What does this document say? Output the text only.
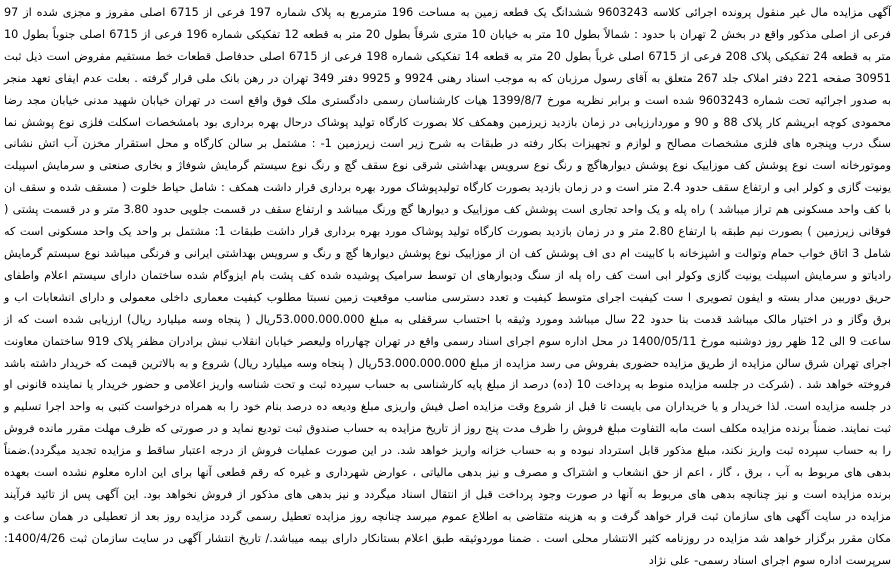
آگهی مزایده مال غیر منقول پرونده اجرائی کلاسه 9603243 ششدانگ یک قطعه زمین به مساحت 196 مترمربع به پلاک شماره 197 فرعی از 6715 اصلی مفروز و مجزی شده از 97 فرعی از اصلی مذکور واقع در بخش 2 تهران با حدود : شمالاً بطول 10 متر به خیابان 10 متری شرقاً بطول 20 متر به قطعه 12 تفکیکی شماره 196 فرعی از 6715 اصلی جنوباً بطول 10 متر به قطعه 24 تفکیکی پلاک 208 فرعی از 6715 اصلی غرباً بطول 20 متر به قطعه 14 تفکیکی شماره 198 فرعی از 6715 اصلی حدفاصل قطعات خط مستقیم مفروض است ذیل ثبت 30951 صفحه 221 دفتر املاک جلد 267 متعلق به آقای رسول مرزبان که به موجب اسناد رهنی 9924 و 9925 دفتر 349 تهران در رهن بانک ملی قرار گرفته . بعلت عدم ایفای تعهد منجر به صدور اجرائیه تحت شماره 9603243 شده است و برابر نظریه مورخ 1399/8/7 هیات کارشناسان رسمی دادگستری ملک فوق واقع است در تهران خیابان شهید مدنی خیابان مجد رضا محمودی کوچه ابریشم کار پلاک 88 و 90 و موردارزیابی در زمان بازدید زیرزمین وهمکف کلا بصورت کارگاه تولید پوشاک درحال بهره برداری بود بامشخصات اسکلت فلزی نوع پوشش نما سنگ درب وپنجره های فلزی مشخصات مصالح و لوازم و تجهیزات بکار رفته در طبقات به شرح زیر است زیرزمین 1- : مشتمل بر سالن کارگاه و محل استقرار مخزن آب اتش نشانی وموتورخانه است نوع پوشش کف موزاییک نوع پوشش دیوارهاگچ و رنگ نوع سرویس بهداشتی شرقی نوع سقف گچ و رنگ نوع سیستم گرمایش شوفاژ و بخاری صنعتی و سرمایش اسپیلت یونیت گازی و کولر ابی و ارتفاع سقف حدود 2.4 متر است و در زمان بازدید بصورت کارگاه تولیدپوشاک مورد بهره برداری قرار داشت همکف : شامل حیاط خلوت ( مسقف شده و سقف ان با کف واحد مسکونی هم تراز میباشد ) راه پله و یک واحد تجاری است پوشش کف موزاییک و دیوارها گچ ورنگ میباشد و ارتفاع سقف در قسمت جلویی حدود 3.80 متر و در قسمت پشتی ( فوقانی زیرزمین ) بصورت نیم طبقه با ارتفاع 2.80 متر و در زمان بازدید بصورت کارگاه تولید پوشاک مورد بهره برداری قرار داشت طبقات 1: مشتمل بر واحد یک واحد مسکونی است که شامل 3 اتاق خواب حمام وتوالت و اشپزخانه با کابینت ام دی اف پوشش کف ان از موزاییک نوع پوشش دیوارها گچ و رنگ و سرویس بهداشتی ایرانی و فرنگی میباشد نوع سیستم گرمایش رادیاتو و سرمایش اسپیلت یونیت گازی وکولر ابی است کف راه پله از سنگ ودیوارهای ان توسط سرامیک پوشیده شده کف پشت بام ایزوگام شده ساختمان دارای سیستم اعلام واطفای حریق دوربین مدار بسته و ایفون تصویری ا ست کیفیت اجرای متوسط کیفیت و تعدد دسترسی مناسب موقعیت زمین نسبتا مطلوب کیفیت معماری داخلی معمولی و دارای انشعابات اب و برق وگاز و در اختیار مالک میباشد قدمت بنا حدود 22 سال میباشد ومورد وثیقه با احتساب سرقفلی به مبلغ 53.000.000.000ریال ( پنجاه وسه میلیارد ریال) ارزیابی شده است که از ساعت 9 الی 12 ظهر روز دوشنبه مورخ 1400/05/11 در محل اداره سوم اجرای اسناد رسمی واقع در تهران چهارراه ولیعصر خیابان انقلاب نبش برادران مظفر پلاک 919 ساختمان معاونت اجرای تهران شرق سالن مزایده از طریق مزایده حضوری بفروش می رسد مزایده از مبلغ 53.000.000.000ریال ( پنجاه وسه میلیارد ریال) شروع و به بالاترین قیمت که خریدار داشته باشد فروخته خواهد شد . (شرکت در جلسه مزایده منوط به پرداخت 10 (ده) درصد از مبلغ پایه کارشناسی به حساب سپرده ثبت و تحت شناسه واریز اعلامی و حضور خریدار یا نماینده قانونی او در جلسه مزایده است. لذا خریدار و یا خریداران می بایست تا قبل از شروع وقت مزایده اصل فیش واریزی مبلغ ودیعه ده درصد بنام خود را به همراه درخواست کتبی به واحد اجرا تسلیم و ثبت نمایند. ضمناً برنده مزایده مکلف است مابه التفاوت مبلغ فروش را ظرف مدت پنج روز از تاریخ مزایده به حساب صندوق ثبت تودیع نماید و در صورتی که ظرف مهلت مقرر مانده فروش را به حساب سپرده ثبت واریز نکند، مبلغ مذکور قابل استرداد نبوده و به حساب خزانه واریز خواهد شد. در این صورت عملیات فروش از درجه اعتبار ساقط و مزایده تجدید میگردد).ضمناً بدهی های مربوط به آب ، برق ، گاز ، اعم از حق انشعاب و اشتراک و مصرف و نیز بدهی مالیاتی ، عوارض شهرداری و غیره که رقم قطعی آنها برای این اداره معلوم نشده است بعهده برنده مزایده است و نیز چنانچه بدهی های مربوط به آنها در صورت وجود پرداخت قبل از انتقال اسناد میگردد و نیز بدهی های مذکور از فروش نخواهد بود. این آگهی پس از تائید فرآیند مزایده در سایت آگهی های سازمان ثبت قرار خواهد گرفت و به هزینه متقاضی به اطلاع عموم میرسد چنانچه روز مزایده تعطیل رسمی گردد مزایده روز بعد از تعطیلی در همان ساعت و مکان مقرر برگزار خواهد شد مزایده در روزنامه کثیر الانتشار محلی است . ضمنا موردوثیقه طبق اعلام بستانکار دارای بیمه میباشد./ تاریخ انتشار آگهی در سایت سازمان ثبت 1400/4/26: سرپرست اداره سوم اجرای اسناد رسمی- علی نژاد
